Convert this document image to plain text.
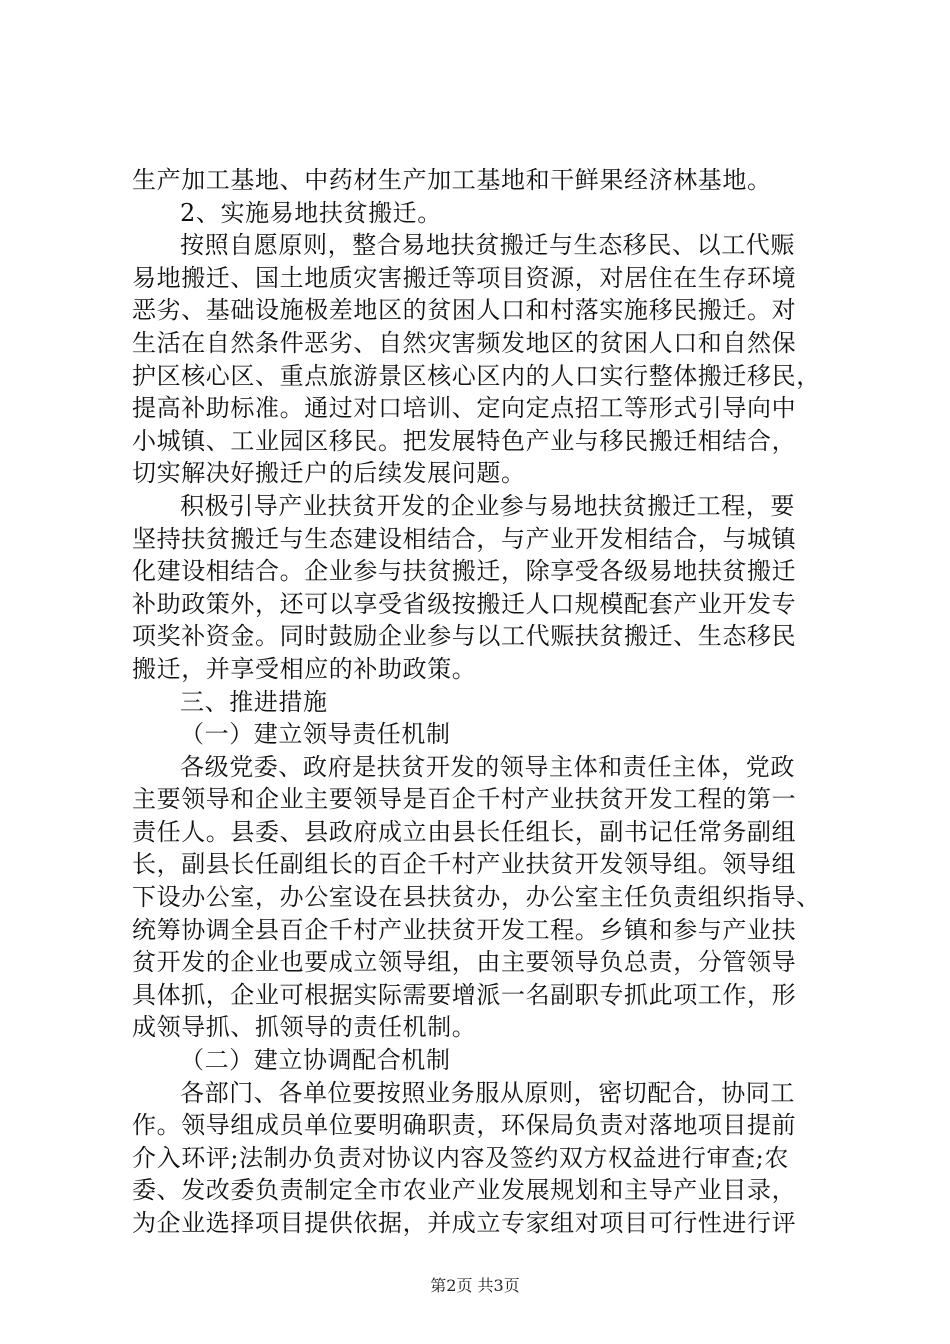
生产加工基地、中药材生产加工基地和干鲜果经济林基地。
2、实施易地扶贫搬迁。
按照自愿原则，整合易地扶贫搬迁与生态移民、以工代赈
易地搬迁、国土地质灾害搬迁等项目资源，对居住在生存环境
恶劣、基础设施极差地区的贫困人口和村落实施移民搬迁。对
生活在自然条件恶劣、自然灾害频发地区的贫困人口和自然保
护区核心区、重点旅游景区核心区内的人口实行整体搬迁移民，
提高补助标准。通过对口培训、定向定点招工等形式引导向中
小城镇、工业园区移民。把发展特色产业与移民搬迁相结合，
切实解决好搬迁户的后续发展问题。
积极引导产业扶贫开发的企业参与易地扶贫搬迁工程，要
坚持扶贫搬迁与生态建设相结合，与产业开发相结合，与城镇
化建设相结合。企业参与扶贫搬迁，除享受各级易地扶贫搬迁
补助政策外，还可以享受省级按搬迁人口规模配套产业开发专
项奖补资金。同时鼓励企业参与以工代赈扶贫搬迁、生态移民
搬迁，并享受相应的补助政策。
三、推进措施
（一）建立领导责任机制
各级党委、政府是扶贫开发的领导主体和责任主体，党政
主要领导和企业主要领导是百企千村产业扶贫开发工程的第一
责任人。县委、县政府成立由县长任组长，副书记任常务副组
长，副县长任副组长的百企千村产业扶贫开发领导组。领导组
下设办公室，办公室设在县扶贫办，办公室主任负责组织指导、
统筹协调全县百企千村产业扶贫开发工程。乡镇和参与产业扶
贫开发的企业也要成立领导组，由主要领导负总责，分管领导
具体抓，企业可根据实际需要增派一名副职专抓此项工作，形
成领导抓、抓领导的责任机制。
（二）建立协调配合机制
各部门、各单位要按照业务服从原则，密切配合，协同工
作。领导组成员单位要明确职责，环保局负责对落地项目提前
介入环评;法制办负责对协议内容及签约双方权益进行审查;农
委、发改委负责制定全市农业产业发展规划和主导产业目录，
为企业选择项目提供依据，并成立专家组对项目可行性进行评
第2页 共3页
